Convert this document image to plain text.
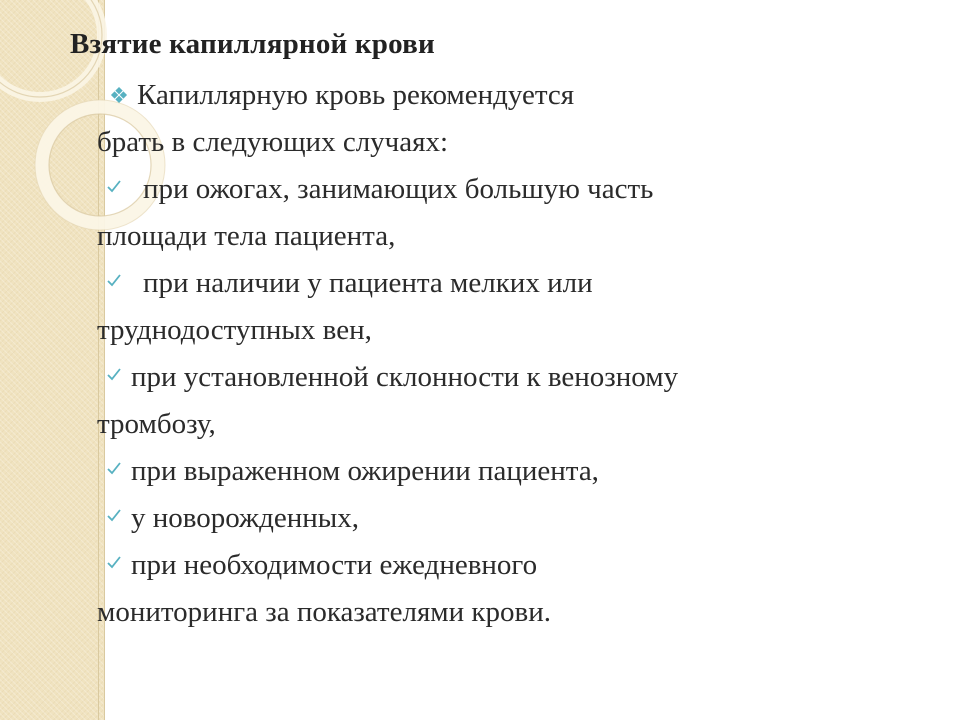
Взятие капиллярной крови
❖ Капиллярную кровь рекомендуется
брать в следующих случаях:
при ожогах, занимающих большую часть
площади тела пациента,
при наличии у пациента мелких или
труднодоступных вен,
при установленной склонности к венозному
тромбозу,
при выраженном ожирении пациента,
у новорожденных,
при необходимости ежедневного
мониторинга за показателями крови.
